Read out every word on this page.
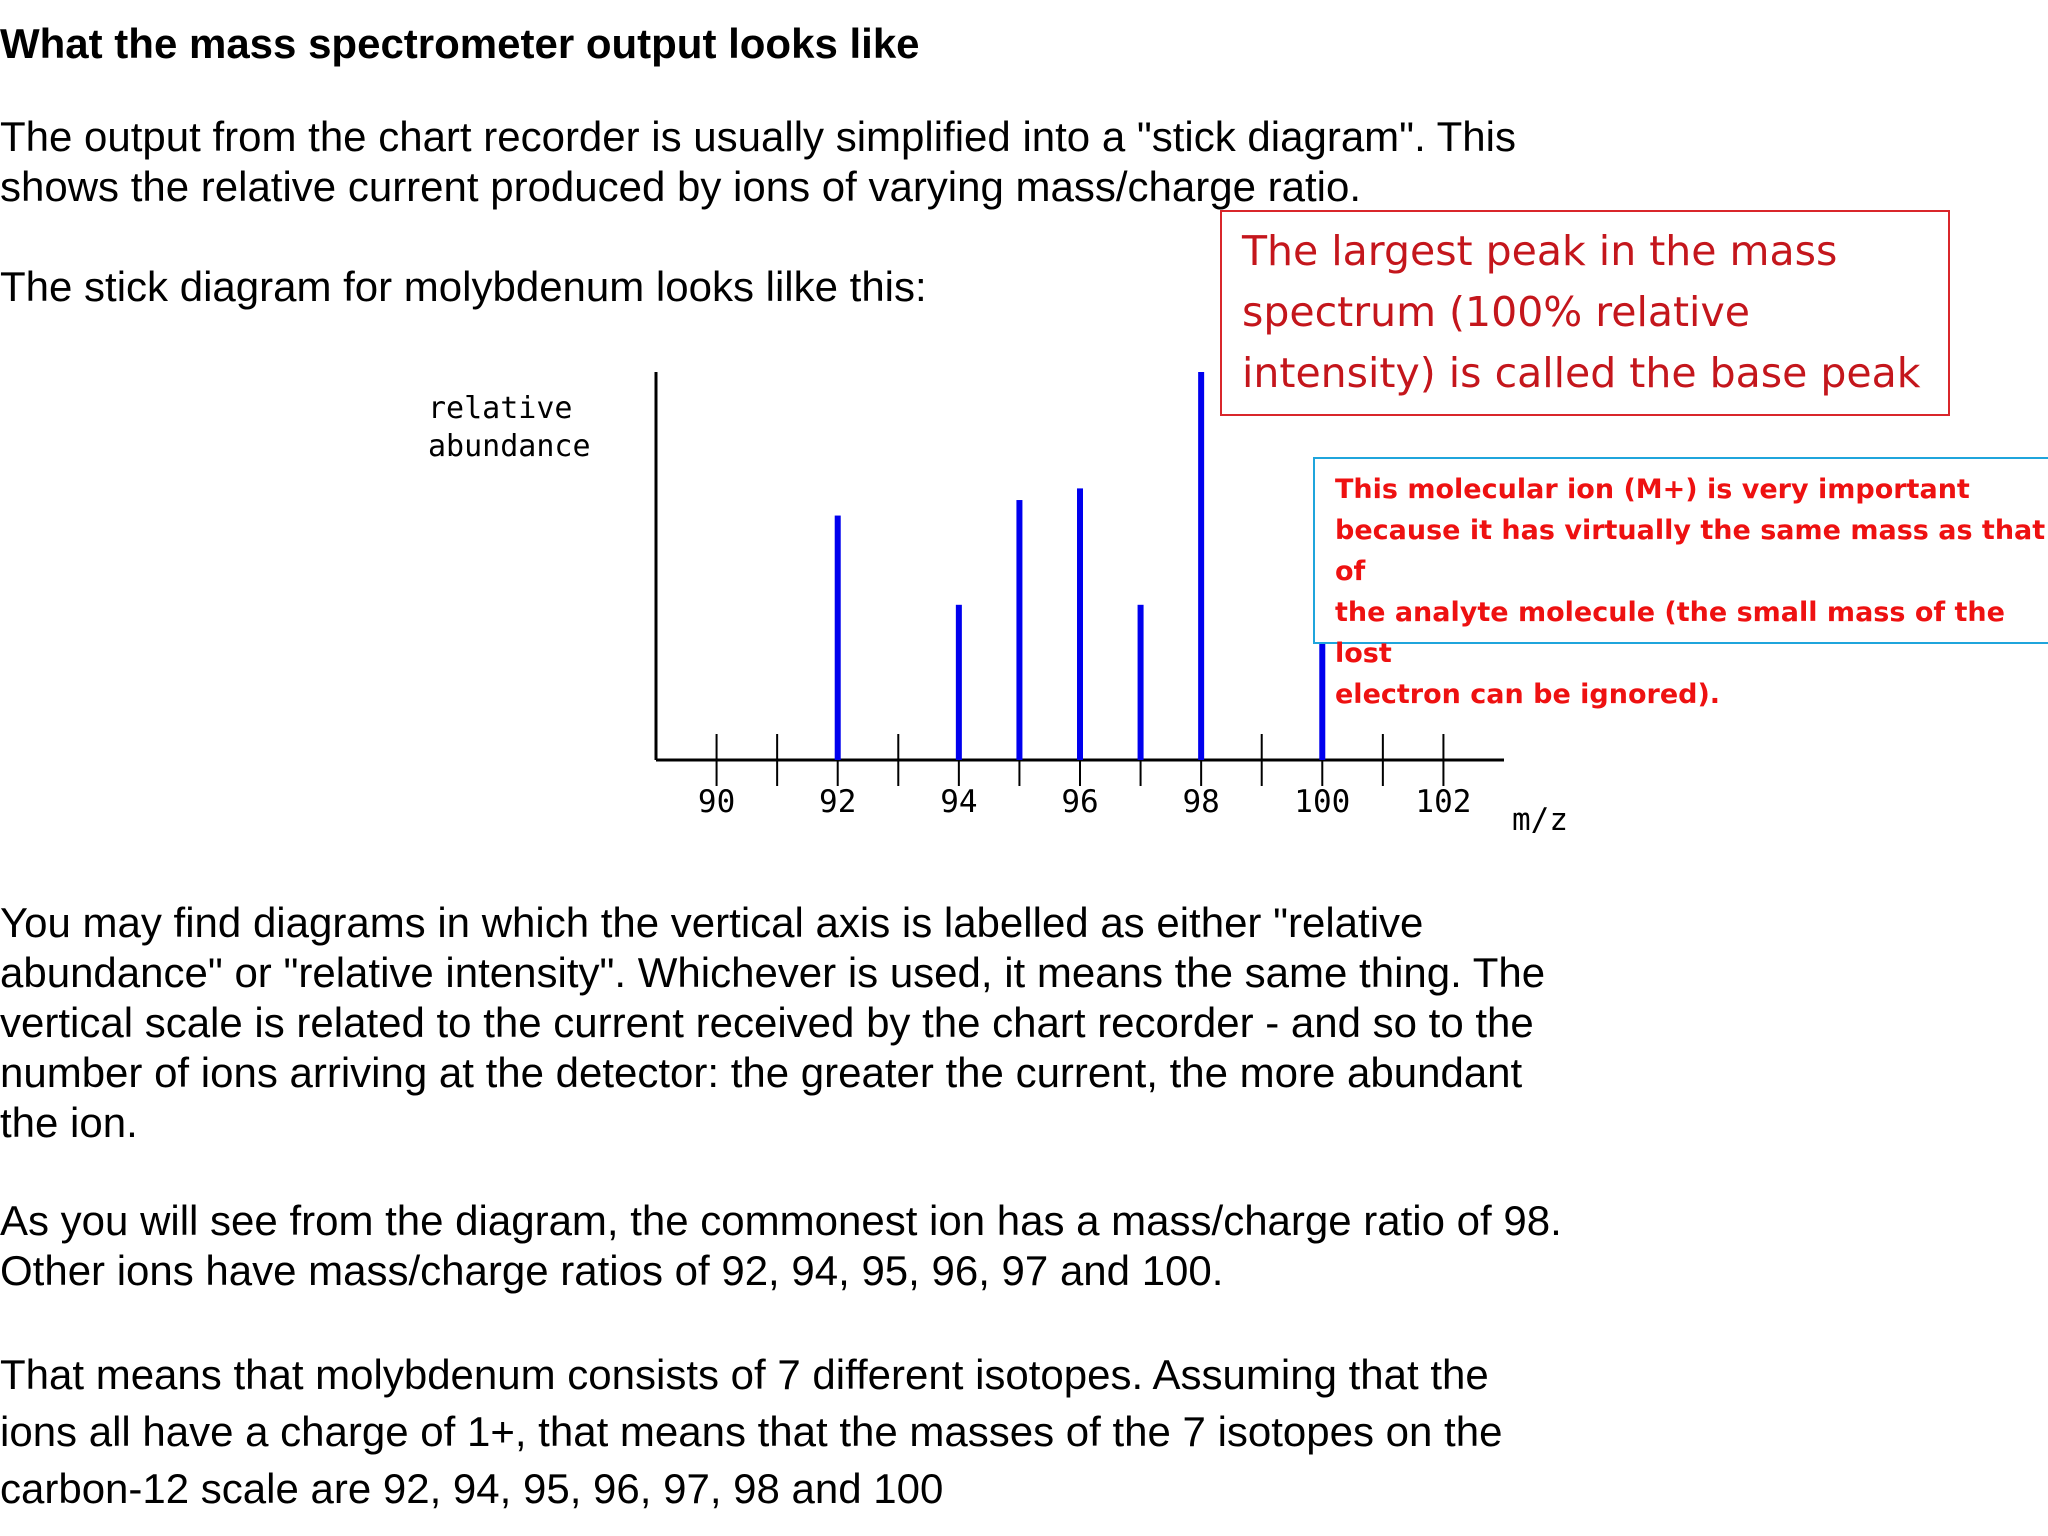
What the mass spectrometer output looks like

The output from the chart recorder is usually simplified into a "stick diagram". This
shows the relative current produced by ions of varying mass/charge ratio.

The stick diagram for molybdenum looks lilke this:

relative abundance
90	92	94	96	98 100 102 m/z
The largest peak in the mass
spectrum (100% relative
intensity) is called the base peak
This molecular ion (M+) is very important
because it has virtually the same mass as that of
the analyte molecule (the small mass of the lost
electron can be ignored).

You may find diagrams in which the vertical axis is labelled as either "relative
abundance" or "relative intensity". Whichever is used, it means the same thing. The
vertical scale is related to the current received by the chart recorder - and so to the
number of ions arriving at the detector: the greater the current, the more abundant
the ion.

As you will see from the diagram, the commonest ion has a mass/charge ratio of 98.
Other ions have mass/charge ratios of 92, 94, 95, 96, 97 and 100.

That means that molybdenum consists of 7 different isotopes. Assuming that the
ions all have a charge of 1+, that means that the masses of the 7 isotopes on the
carbon-12 scale are 92, 94, 95, 96, 97, 98 and 100
